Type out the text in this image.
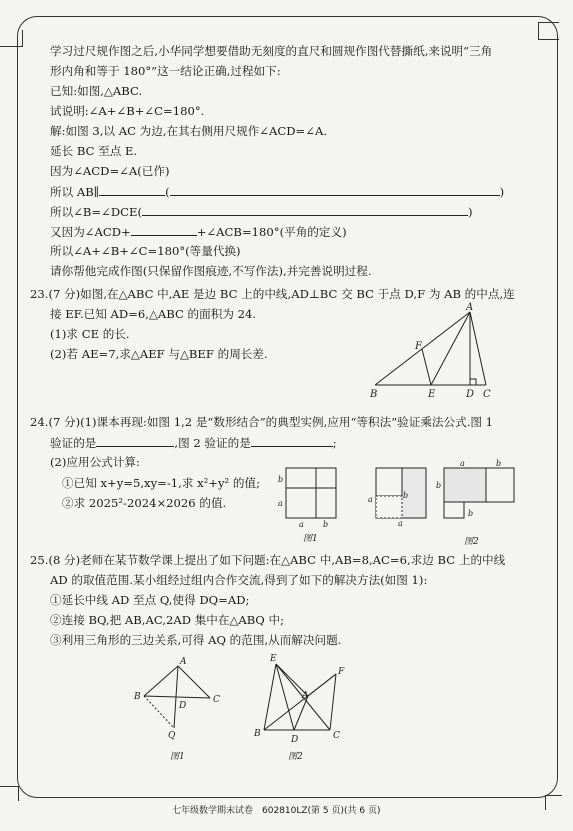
学习过尺规作图之后,小华同学想要借助无刻度的直尺和圆规作图代替撕纸,来说明“三角
形内角和等于 180°”这一结论正确,过程如下:
已知:如图,△ABC.
试说明:∠A+∠B+∠C=180°.
解:如图 3,以 AC 为边,在其右侧用尺规作∠ACD=∠A.
延长 BC 至点 E.
因为∠ACD=∠A(已作)
所以 AB∥	(	)
所以∠B=∠DCE(	)
又因为∠ACD+	+∠ACB=180°(平角的定义)
所以∠A+∠B+∠C=180°(等量代换)
请你帮他完成作图(只保留作图痕迹,不写作法),并完善说明过程.
23.(7 分)如图,在△ABC 中,AE 是边 BC 上的中线,AD⊥BC 交 BC 于点 D,F 为 AB 的中点,连
接 EF.已知 AD=6,△ABC 的面积为 24.
(1)求 CE 的长.
(2)若 AE=7,求△AEF 与△BEF 的周长差.
A
F
B	E	D C
24.(7 分)(1)课本再现:如图 1,2 是“数形结合”的典型实例,应用“等积法”验证乘法公式.图 1
验证的是	,图 2 验证的是	;
(2)应用公式计算:
①已知 x+y=5,xy=-1,求 x²+y² 的值;
②求 2025²-2024×2026 的值.
b
a
a b
图1
a	b
a
a	b
b
b
图2
25.(8 分)老师在某节数学课上提出了如下问题:在△ABC 中,AB=8,AC=6,求边 BC 上的中线
AD 的取值范围.某小组经过组内合作交流,得到了如下的解决方法(如图 1):
①延长中线 AD 至点 Q,使得 DQ=AD;
②连接 BQ,把 AB,AC,2AD 集中在△ABQ 中;
③利用三角形的三边关系,可得 AQ 的范围,从而解决问题.
A
B	C
D
Q
图1
E
F
A
B	C
D
图2
七年级数学期末试卷　602810LZ(第 5 页)(共 6 页)
